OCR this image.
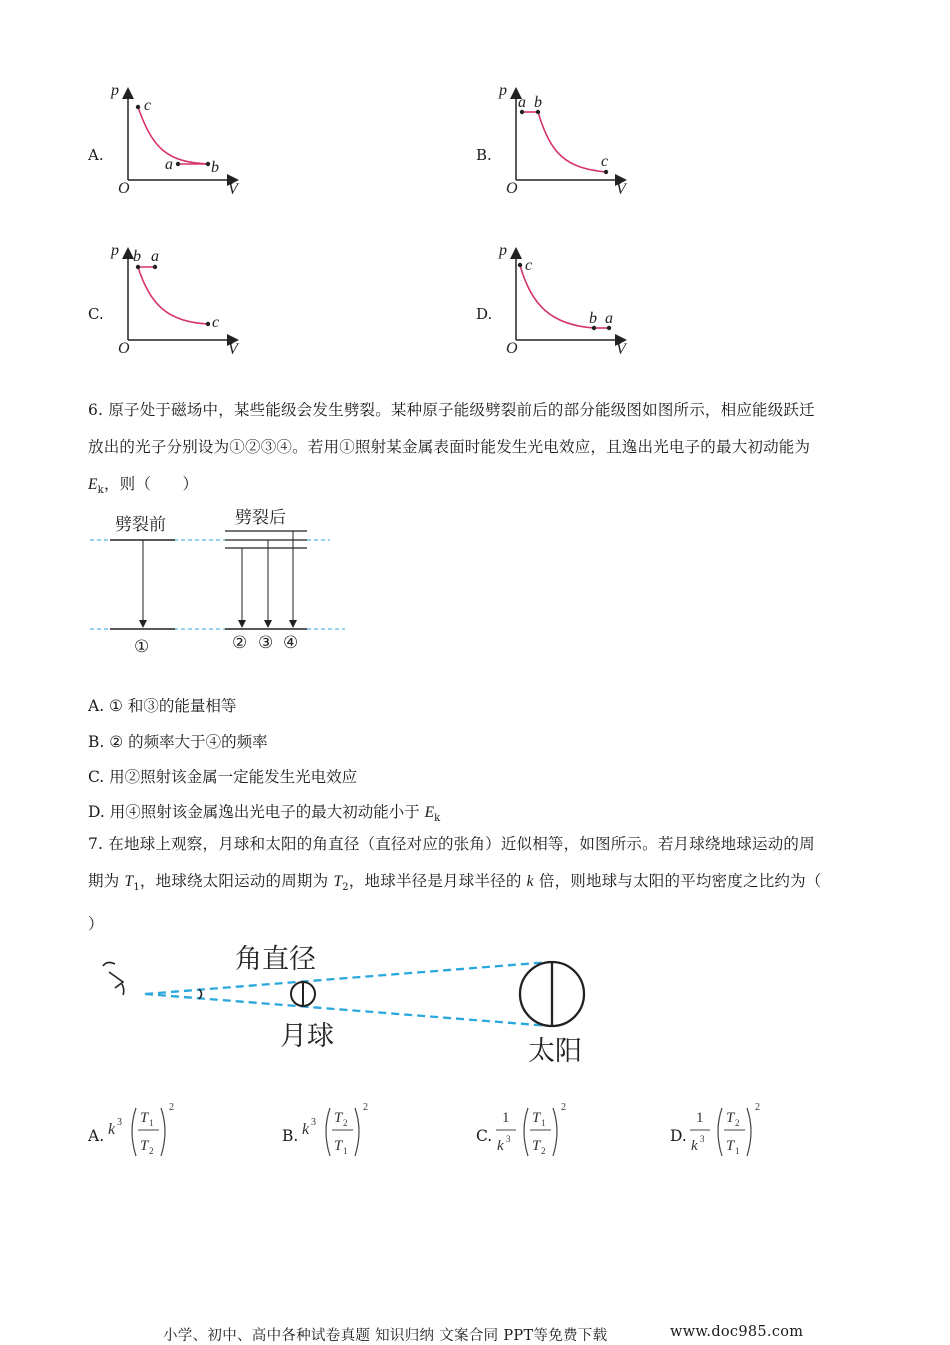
A.
p
V
O
c
a b
B.
p
V
O
a b
c
C.
p
V
O
b a
c	D.
p
V
O
c
b a
6. 原子处于磁场中，某些能级会发生劈裂。某种原子能级劈裂前后的部分能级图如图所示，相应能级跃迁
放出的光子分别设为①②③④。若用①照射某金属表面时能发生光电效应，且逸出光电子的最大初动能为
$E_k$，则（　　）
劈裂前	劈裂后
①	② ③ ④
A. ① 和③的能量相等
B. ② 的频率大于④的频率
C. 用②照射该金属一定能发生光电效应
D. 用④照射该金属逸出光电子的最大初动能小于 $E_k$
7. 在地球上观察，月球和太阳的角直径（直径对应的张角）近似相等，如图所示。若月球绕地球运动的周
期为 $T_1$，地球绕太阳运动的周期为 $T_2$，地球半径是月球半径的 k 倍，则地球与太阳的平均密度之比约为（
）
角直径
月球	太阳
A. k 3 T 1
T 2
2
B. k 3 T 2
T 1
2
C.
1
k 3
T 1
T 2
2
D.
1
k 3
T 2
T 1
2
小学、初中、高中各种试卷真题 知识归纳 文案合同 PPT等免费下载	www.doc985.com
